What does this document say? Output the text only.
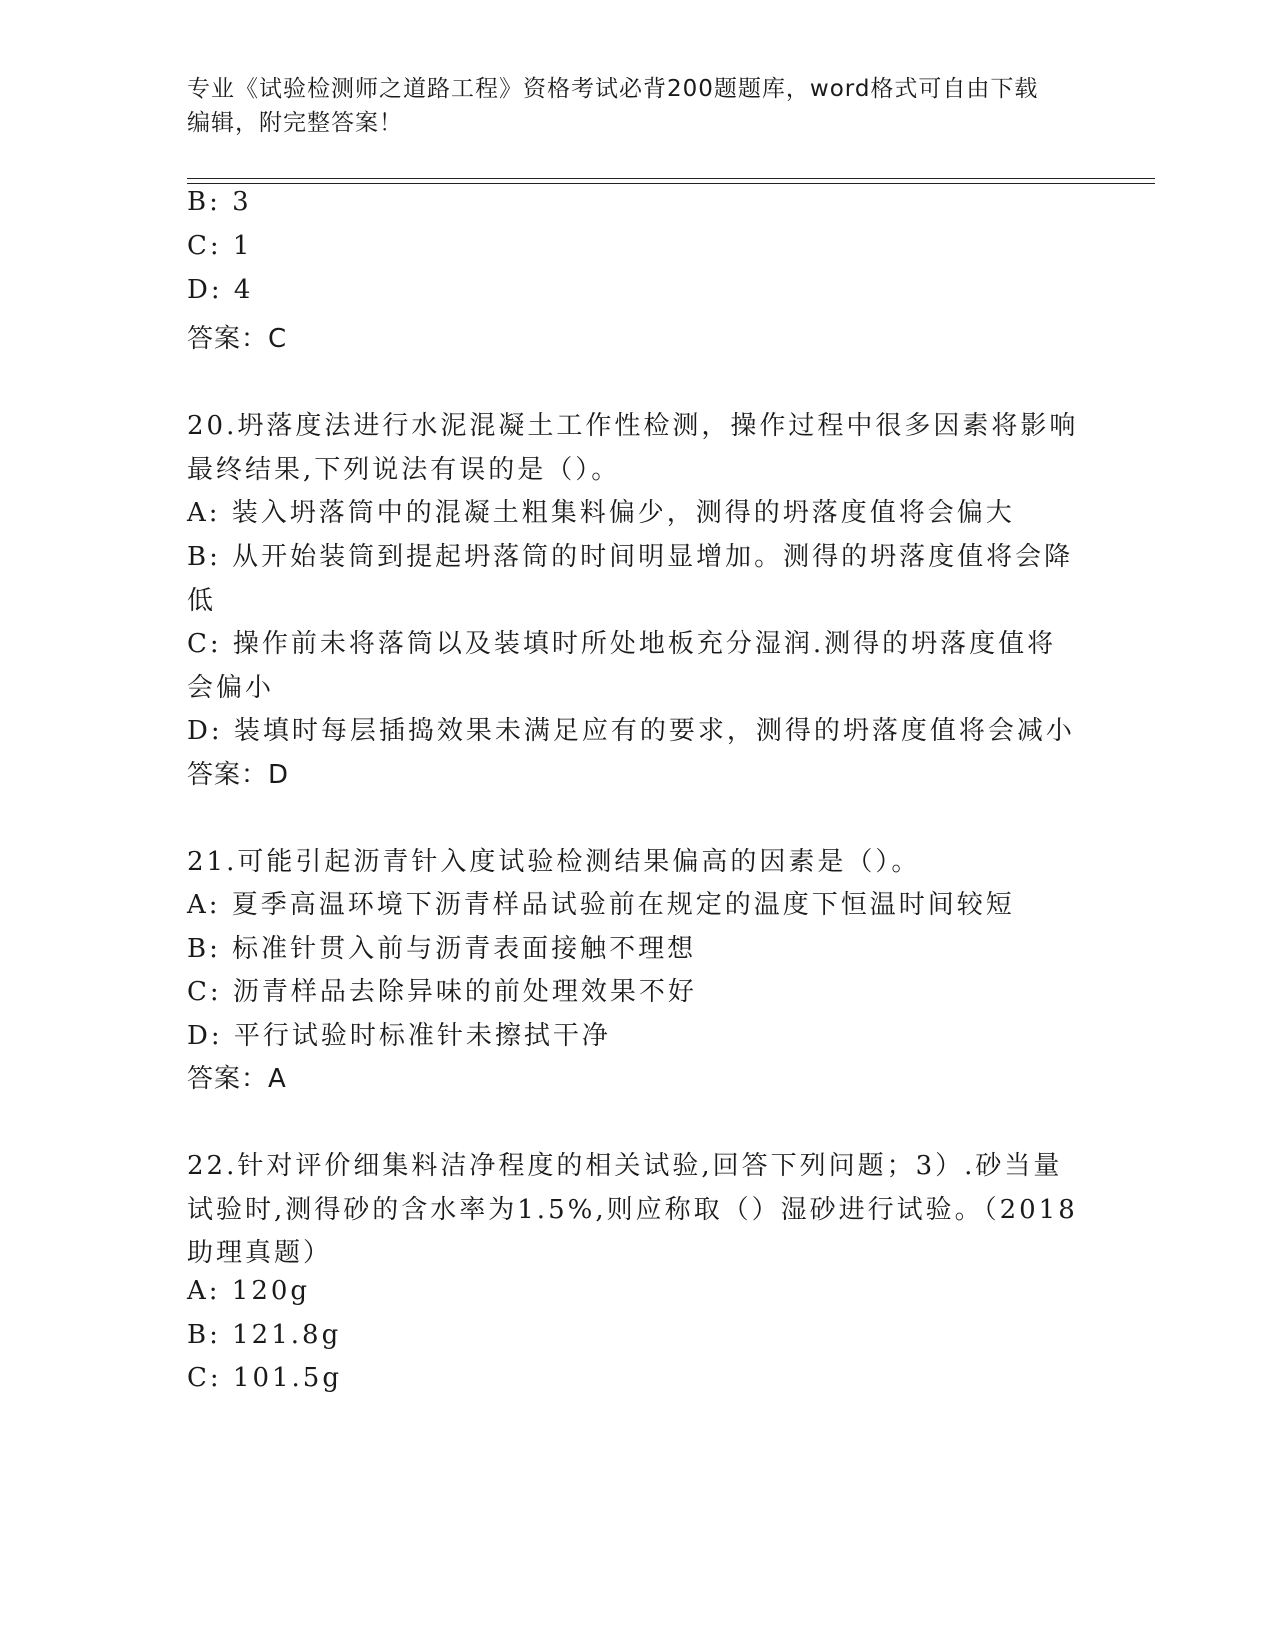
专业《试验检测师之道路工程》资格考试必背200题题库，word格式可自由下载
编辑，附完整答案！
B: 3
C: 1
D: 4
答案：C
20.坍落度法进行水泥混凝土工作性检测，操作过程中很多因素将影响
最终结果,下列说法有误的是（）。
A: 装入坍落筒中的混凝土粗集料偏少，测得的坍落度值将会偏大
B: 从开始装筒到提起坍落筒的时间明显增加。测得的坍落度值将会降
低
C: 操作前未将落筒以及装填时所处地板充分湿润.测得的坍落度值将
会偏小
D: 装填时每层插捣效果未满足应有的要求，测得的坍落度值将会减小
答案：D
21.可能引起沥青针入度试验检测结果偏高的因素是（）。
A: 夏季高温环境下沥青样品试验前在规定的温度下恒温时间较短
B: 标准针贯入前与沥青表面接触不理想
C: 沥青样品去除异味的前处理效果不好
D: 平行试验时标准针未擦拭干净
答案：A
22.针对评价细集料洁净程度的相关试验,回答下列问题；3）.砂当量
试验时,测得砂的含水率为1.5%,则应称取（）湿砂进行试验。（2018
助理真题）
A: 120g
B: 121.8g
C: 101.5g
